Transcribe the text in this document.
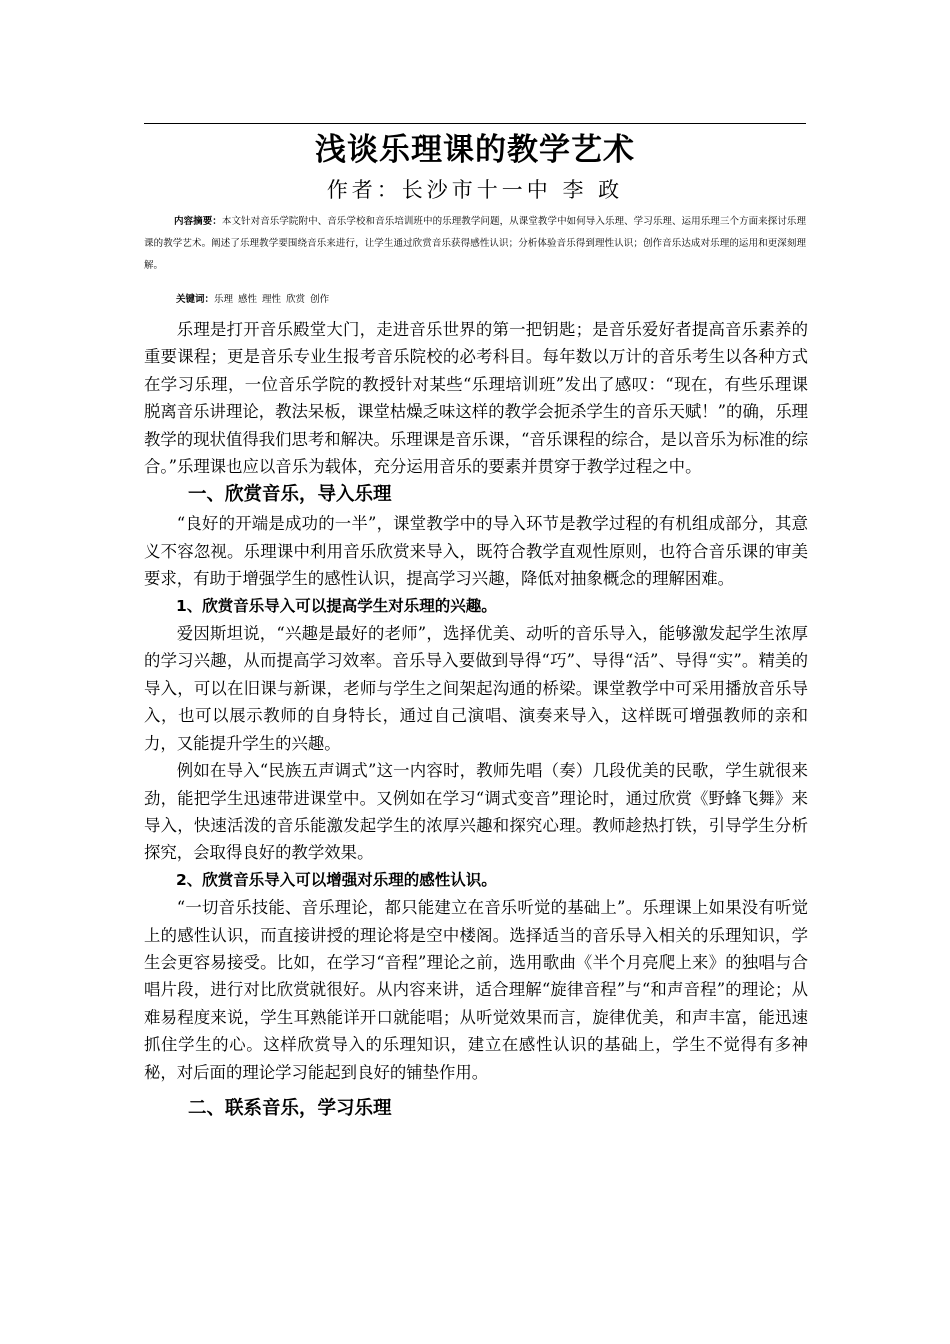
浅谈乐理课的教学艺术
作者：长沙市十一中 李 政
内容摘要：本文针对音乐学院附中、音乐学校和音乐培训班中的乐理教学问题，从课堂教学中如何导入乐理、学习乐理、运用乐理三个方面来探讨乐理课的教学艺术。阐述了乐理教学要围绕音乐来进行，让学生通过欣赏音乐获得感性认识；分析体验音乐得到理性认识；创作音乐达成对乐理的运用和更深刻理解。
关键词：乐理 感性 理性 欣赏 创作

乐理是打开音乐殿堂大门，走进音乐世界的第一把钥匙；是音乐爱好者提高音乐素养的重要课程；更是音乐专业生报考音乐院校的必考科目。每年数以万计的音乐考生以各种方式在学习乐理，一位音乐学院的教授针对某些“乐理培训班”发出了感叹：“现在，有些乐理课脱离音乐讲理论，教法呆板，课堂枯燥乏味这样的教学会扼杀学生的音乐天赋！”的确，乐理教学的现状值得我们思考和解决。乐理课是音乐课，“音乐课程的综合，是以音乐为标准的综合。”乐理课也应以音乐为载体，充分运用音乐的要素并贯穿于教学过程之中。

一、欣赏音乐，导入乐理

“良好的开端是成功的一半”，课堂教学中的导入环节是教学过程的有机组成部分，其意义不容忽视。乐理课中利用音乐欣赏来导入，既符合教学直观性原则，也符合音乐课的审美要求，有助于增强学生的感性认识，提高学习兴趣，降低对抽象概念的理解困难。

1、欣赏音乐导入可以提高学生对乐理的兴趣。

爱因斯坦说，“兴趣是最好的老师”，选择优美、动听的音乐导入，能够激发起学生浓厚的学习兴趣，从而提高学习效率。音乐导入要做到导得“巧”、导得“活”、导得“实”。精美的导入，可以在旧课与新课，老师与学生之间架起沟通的桥梁。课堂教学中可采用播放音乐导入，也可以展示教师的自身特长，通过自己演唱、演奏来导入，这样既可增强教师的亲和力，又能提升学生的兴趣。

例如在导入“民族五声调式”这一内容时，教师先唱（奏）几段优美的民歌，学生就很来劲，能把学生迅速带进课堂中。又例如在学习“调式变音”理论时，通过欣赏《野蜂飞舞》来导入，快速活泼的音乐能激发起学生的浓厚兴趣和探究心理。教师趁热打铁，引导学生分析探究，会取得良好的教学效果。

2、欣赏音乐导入可以增强对乐理的感性认识。

“一切音乐技能、音乐理论，都只能建立在音乐听觉的基础上”。乐理课上如果没有听觉上的感性认识，而直接讲授的理论将是空中楼阁。选择适当的音乐导入相关的乐理知识，学生会更容易接受。比如，在学习“音程”理论之前，选用歌曲《半个月亮爬上来》的独唱与合唱片段，进行对比欣赏就很好。从内容来讲，适合理解“旋律音程”与“和声音程”的理论；从难易程度来说，学生耳熟能详开口就能唱；从听觉效果而言，旋律优美，和声丰富，能迅速抓住学生的心。这样欣赏导入的乐理知识，建立在感性认识的基础上，学生不觉得有多神秘，对后面的理论学习能起到良好的铺垫作用。

二、联系音乐，学习乐理
